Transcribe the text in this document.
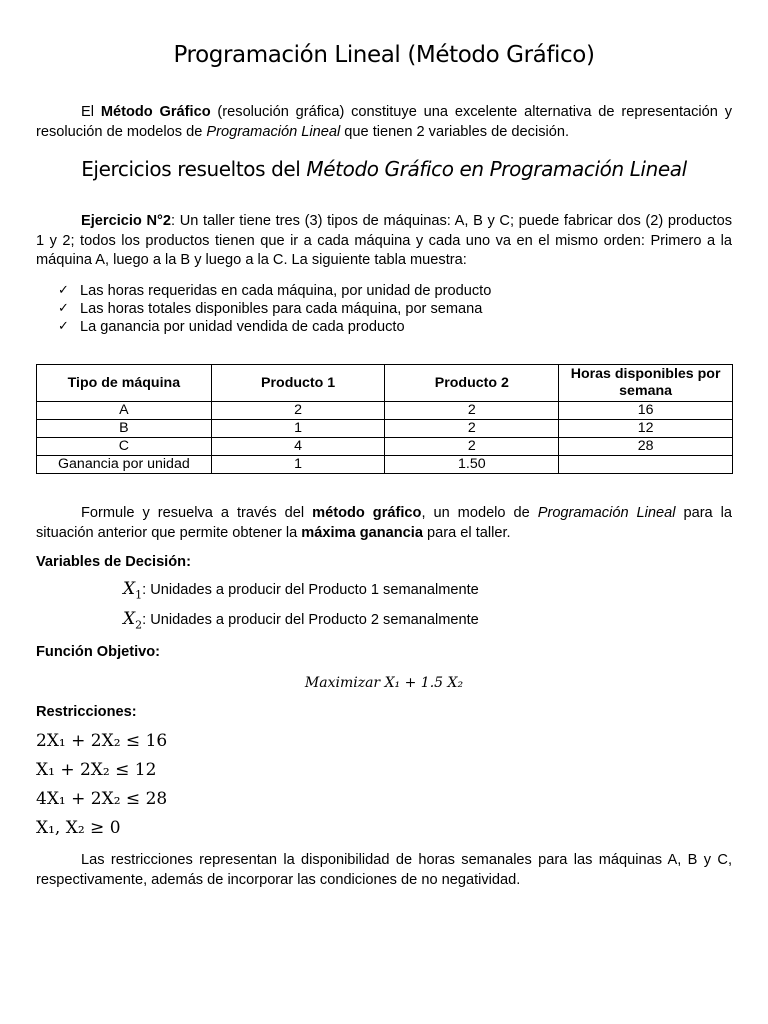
Programación Lineal (Método Gráfico)

El Método Gráfico (resolución gráfica) constituye una excelente alternativa de representación y resolución de modelos de Programación Lineal que tienen 2 variables de decisión.

Ejercicios resueltos del Método Gráfico en Programación Lineal

Ejercicio N°2: Un taller tiene tres (3) tipos de máquinas: A, B y C; puede fabricar dos (2) productos 1 y 2; todos los productos tienen que ir a cada máquina y cada uno va en el mismo orden: Primero a la máquina A, luego a la B y luego a la C. La siguiente tabla muestra:

✓ Las horas requeridas en cada máquina, por unidad de producto
✓ Las horas totales disponibles para cada máquina, por semana
✓ La ganancia por unidad vendida de cada producto
Tipo de máquina	Producto 1	Producto 2	Horas disponibles por semana
A	2	2	16
B	1	2	12
C	4	2	28
Ganancia por unidad	1	1.50	

Formule y resuelva a través del método gráfico, un modelo de Programación Lineal para la situación anterior que permite obtener la máxima ganancia para el taller.

Variables de Decisión:
$X_1$: Unidades a producir del Producto 1 semanalmente
$X_2$: Unidades a producir del Producto 2 semanalmente
Función Objetivo:
Maximizar X₁ + 1.5 X₂
Restricciones:
2X₁ + 2X₂ ≤ 16
X₁ + 2X₂ ≤ 12
4X₁ + 2X₂ ≤ 28
X₁, X₂ ≥ 0

Las restricciones representan la disponibilidad de horas semanales para las máquinas A, B y C, respectivamente, además de incorporar las condiciones de no negatividad.
